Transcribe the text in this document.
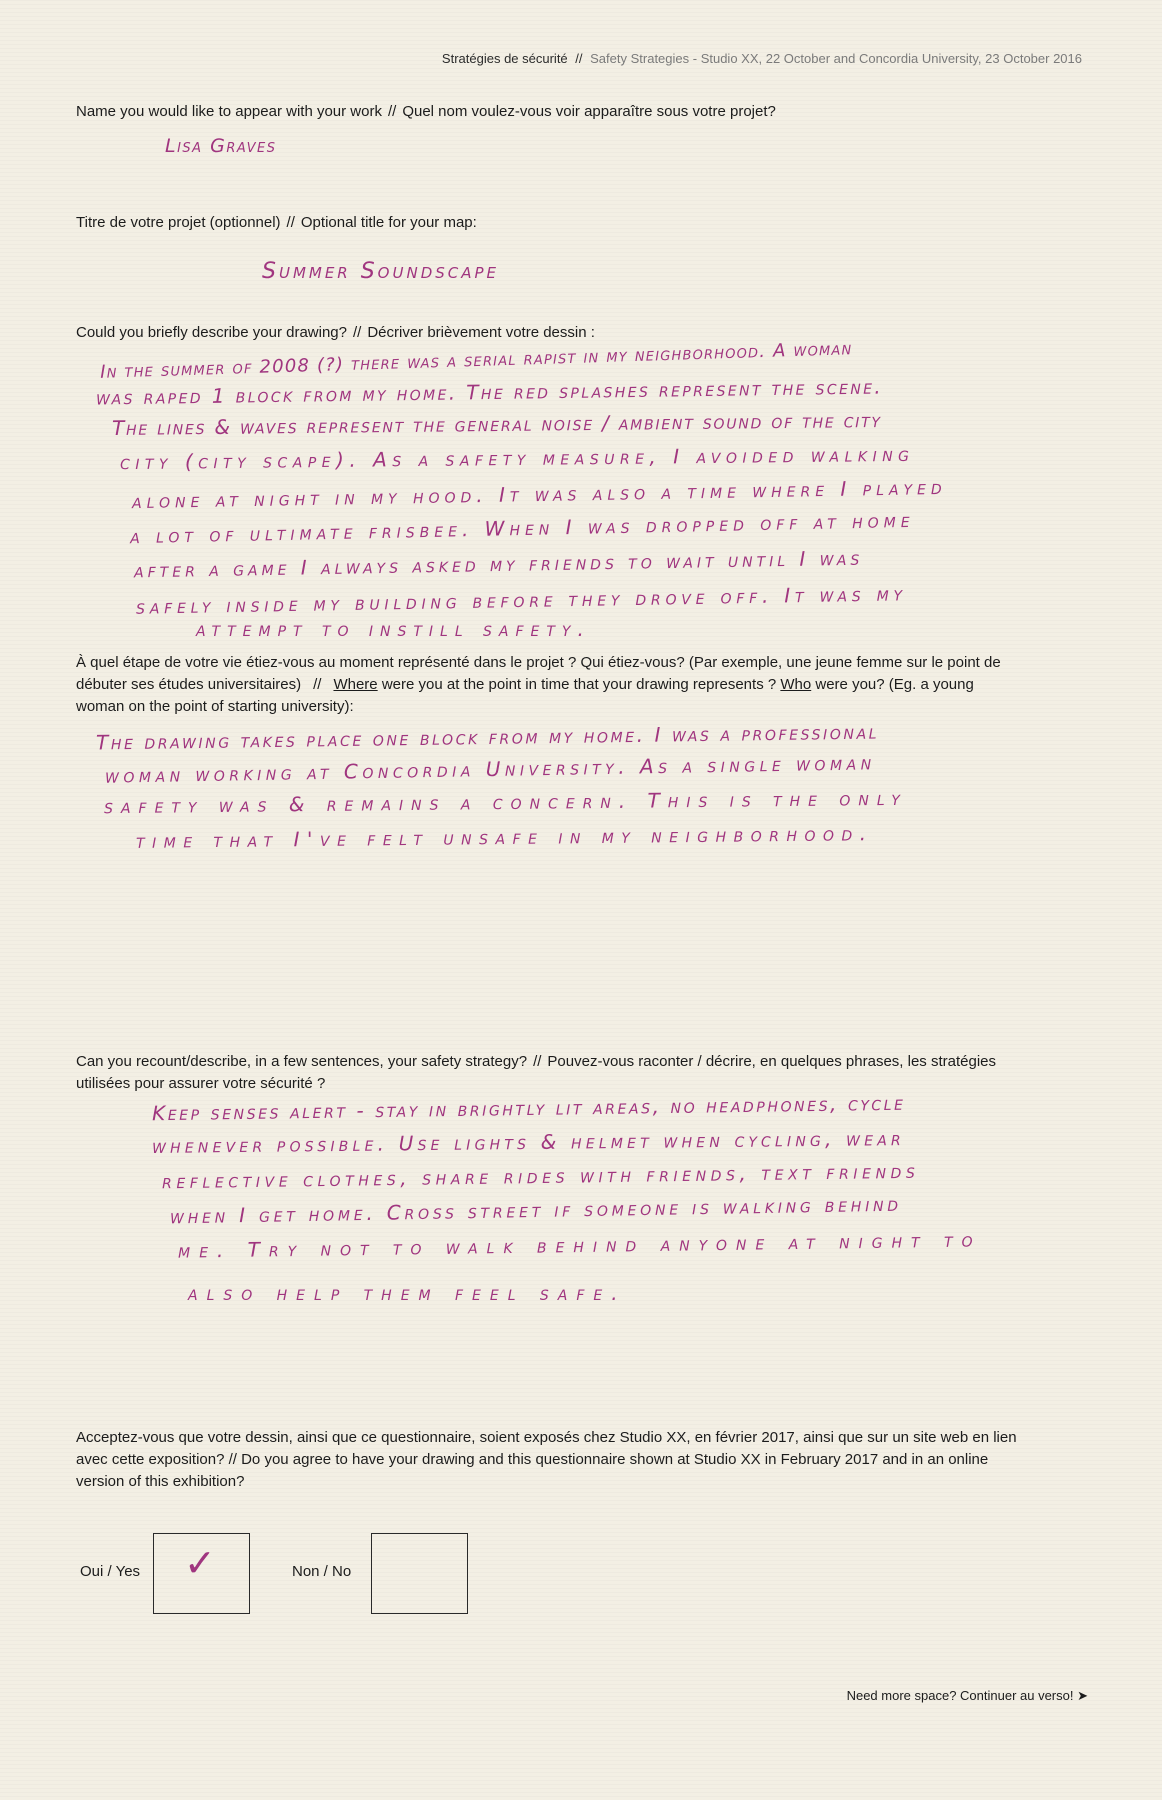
Stratégies de sécurité // Safety Strategies - Studio XX, 22 October and Concordia University, 23 October 2016
Name you would like to appear with your work // Quel nom voulez-vous voir apparaître sous votre projet?
Lisa Graves
Titre de votre projet (optionnel) // Optional title for your map:
Summer Soundscape
Could you briefly describe your drawing? // Décriver brièvement votre dessin :
In the summer of 2008 (?) there was a serial rapist in my neighborhood. A woman
was raped 1 block from my home. The red splashes represent the scene.
The lines & waves represent the general noise / ambient sound of the city
city (city scape). As a safety measure, I avoided walking
alone at night in my hood. It was also a time where I played
a lot of ultimate frisbee. When I was dropped off at home
after a game I always asked my friends to wait until I was
safely inside my building before they drove off. It was my
attempt to instill safety.
À quel étape de votre vie étiez-vous au moment représenté dans le projet ? Qui étiez-vous? (Par exemple, une jeune femme sur le point de
débuter ses études universitaires) // Where were you at the point in time that your drawing represents ? Who were you? (Eg. a young
woman on the point of starting university):
The drawing takes place one block from my home. I was a professional
woman working at Concordia University. As a single woman
safety was & remains a concern. This is the only
time that I've felt unsafe in my neighborhood.
Can you recount/describe, in a few sentences, your safety strategy? // Pouvez-vous raconter / décrire, en quelques phrases, les stratégies
utilisées pour assurer votre sécurité ?
Keep senses alert - stay in brightly lit areas, no headphones, cycle
whenever possible. Use lights & helmet when cycling, wear
reflective clothes, share rides with friends, text friends
when I get home. Cross street if someone is walking behind
me. Try not to walk behind anyone at night to
also help them feel safe.
Acceptez-vous que votre dessin, ainsi que ce questionnaire, soient exposés chez Studio XX, en février 2017, ainsi que sur un site web en lien
avec cette exposition? // Do you agree to have your drawing and this questionnaire shown at Studio XX in February 2017 and in an online
version of this exhibition?
Oui / Yes ✓	Non / No
Need more space? Continuer au verso! ➤
